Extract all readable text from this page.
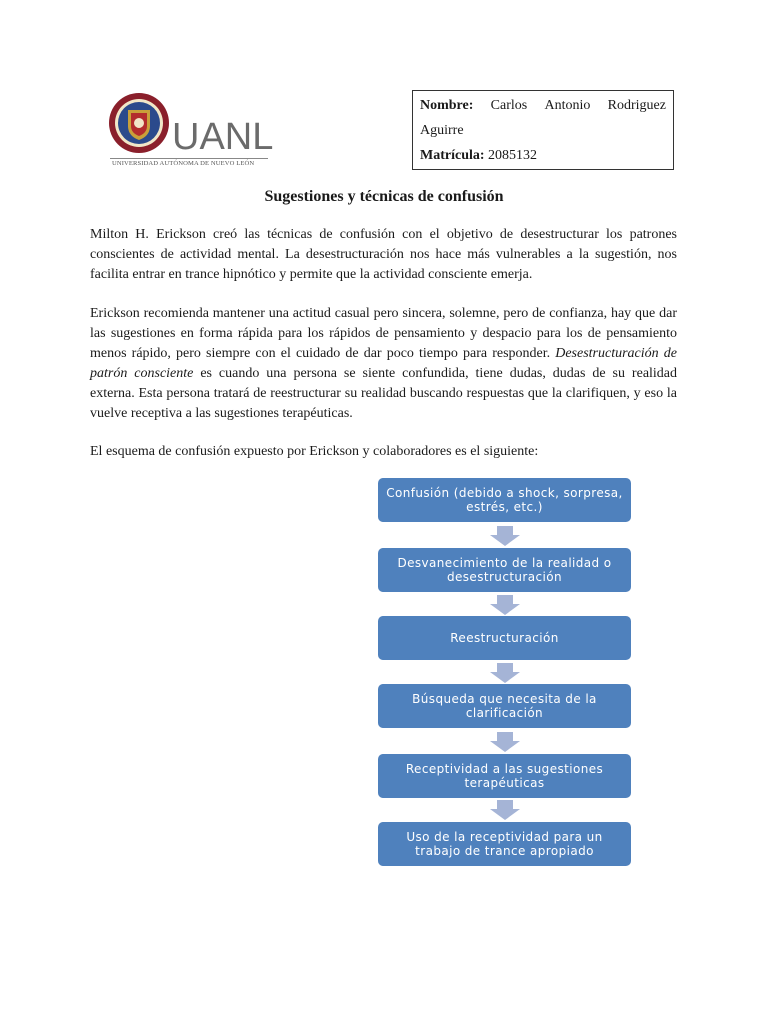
UANL
UNIVERSIDAD AUTÓNOMA DE NUEVO LEÓN
Nombre: Carlos Antonio Rodriguez
Aguirre
Matrícula: 2085132
Sugestiones y técnicas de confusión

Milton H. Erickson creó las técnicas de confusión con el objetivo de desestructurar los patrones conscientes de actividad mental. La desestructuración nos hace más vulnerables a la sugestión, nos facilita entrar en trance hipnótico y permite que la actividad consciente emerja.

Erickson recomienda mantener una actitud casual pero sincera, solemne, pero de confianza, hay que dar las sugestiones en forma rápida para los rápidos de pensamiento y despacio para los de pensamiento menos rápido, pero siempre con el cuidado de dar poco tiempo para responder. Desestructuración de patrón consciente es cuando una persona se siente confundida, tiene dudas, dudas de su realidad externa. Esta persona tratará de reestructurar su realidad buscando respuestas que la clarifiquen, y eso la vuelve receptiva a las sugestiones terapéuticas.

El esquema de confusión expuesto por Erickson y colaboradores es el siguiente:

Confusión (debido a shock, sorpresa, estrés, etc.)
Desvanecimiento de la realidad o desestructuración
Reestructuración
Búsqueda que necesita de la clarificación
Receptividad a las sugestiones terapéuticas
Uso de la receptividad para un trabajo de trance apropiado
